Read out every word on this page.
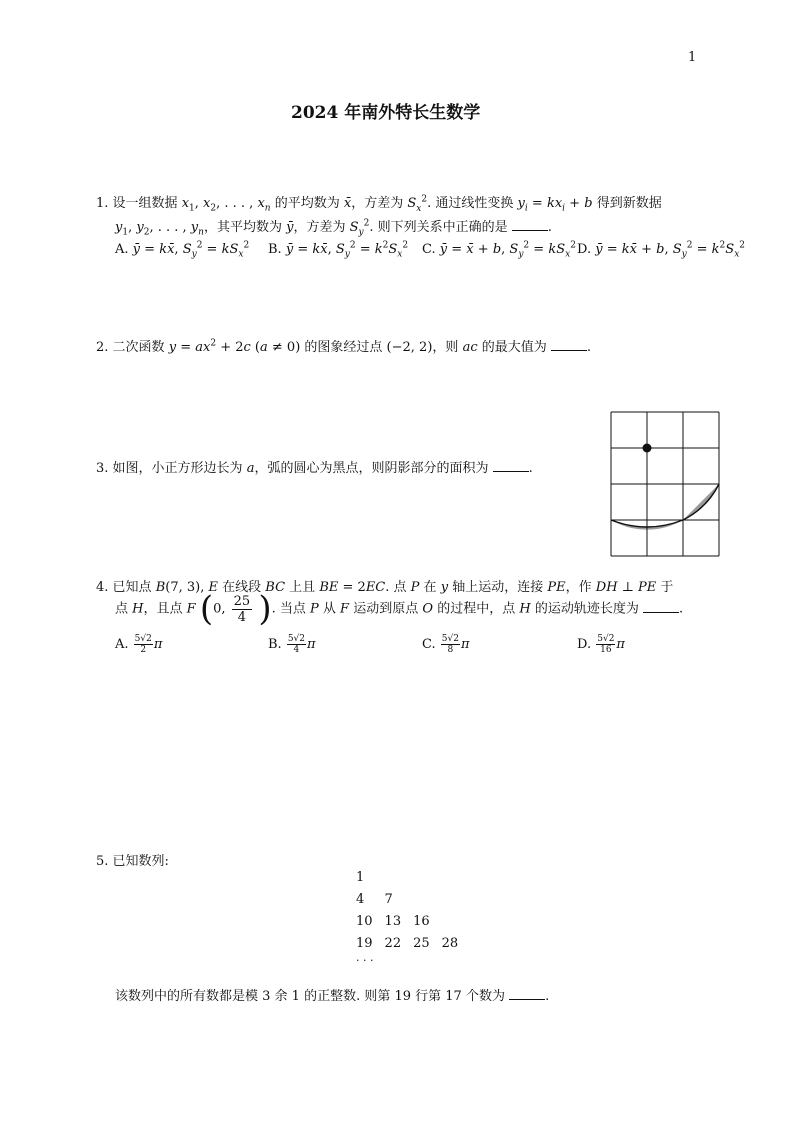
1
2024 年南外特长生数学
1. 设一组数据 $x_1$, $x_2$, . . . , $x_n$ 的平均数为 x̄，方差为 $S_x^2$. 通过线性变换 $y_i = kx_i + b$ 得到新数据
$y_1$, $y_2$, . . . , $y_n$，其平均数为 ȳ，方差为 $S_y^2$. 则下列关系中正确的是	.
A. ȳ = kx̄, $S_y^2 = kS_x^2$ B. ȳ = kx̄, $S_y^2 = k^2S_x^2$ C. ȳ = x̄ + b, $S_y^2 = kS_x^2$ D. ȳ = kx̄ + b, $S_y^2 = k^2S_x^2$
2. 二次函数 $y = ax^2 + 2c$ (a ≠ 0) 的图象经过点 (−2, 2)，则 ac 的最大值为	.
3. 如图，小正方形边长为 a，弧的圆心为黑点，则阴影部分的面积为	.
4. 已知点 B(7, 3), E 在线段 BC 上且 BE = 2EC. 点 P 在 y 轴上运动，连接 PE，作 DH ⊥ PE 于
点 H，且点 F (0, $\frac{25}{4}$ ). 当点 P 从 F 运动到原点 O 的过程中，点 H 的运动轨迹长度为	.
A. $\frac{5√2}{2}$ π	B. $\frac{5√2}{4}$ π	C. $\frac{5√2}{8}$ π	D. $\frac{5√2}{16}$ π
5. 已知数列:
1			
4	7		
10	13	16	
19	22	25	28
· · ·
该数列中的所有数都是模 3 余 1 的正整数. 则第 19 行第 17 个数为	.
